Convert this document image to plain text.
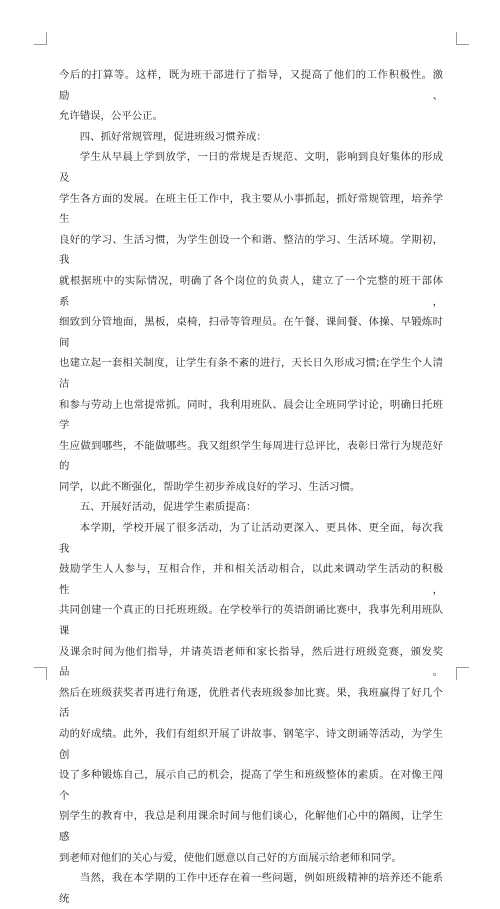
今后的打算等。这样，既为班干部进行了指导，又提高了他们的工作积极性。激励、

允许错误，公平公正。

四、抓好常规管理，促进班级习惯养成：

学生从早晨上学到放学，一日的常规是否规范、文明，影响到良好集体的形成及

学生各方面的发展。在班主任工作中，我主要从小事抓起，抓好常规管理，培养学生

良好的学习、生活习惯，为学生创设一个和谐、整洁的学习、生活环境。学期初，我

就根据班中的实际情况，明确了各个岗位的负责人，建立了一个完整的班干部体系，

细致到分管地面，黑板，桌椅，扫帚等管理员。在午餐、课间餐、体操、早锻炼时间

也建立起一套相关制度，让学生有条不紊的进行，天长日久形成习惯;在学生个人清洁

和参与劳动上也常提常抓。同时，我利用班队、晨会让全班同学讨论，明确日托班学

生应做到哪些，不能做哪些。我又组织学生每周进行总评比，表彰日常行为规范好的

同学，以此不断强化，帮助学生初步养成良好的学习、生活习惯。

五、开展好活动，促进学生素质提高：

本学期，学校开展了很多活动，为了让活动更深入、更具体、更全面，每次我我

鼓励学生人人参与，互相合作，并和相关活动相合，以此来调动学生活动的积极性，

共同创建一个真正的日托班班级。在学校举行的英语朗诵比赛中，我事先利用班队课

及课余时间为他们指导，并请英语老师和家长指导，然后进行班级竞赛，颁发奖品。

然后在班级获奖者再进行角逐，优胜者代表班级参加比赛。果，我班赢得了好几个活

动的好成绩。此外，我们有组织开展了讲故事、钢笔字、诗文朗诵等活动，为学生创

设了多种锻炼自己，展示自己的机会，提高了学生和班级整体的素质。在对像王闯个

别学生的教育中，我总是利用课余时间与他们谈心，化解他们心中的隔阂，让学生感

到老师对他们的关心与爱，使他们愿意以自己好的方面展示给老师和同学。

当然，我在本学期的工作中还存在着一些问题，例如班级精神的培养还不能系统
